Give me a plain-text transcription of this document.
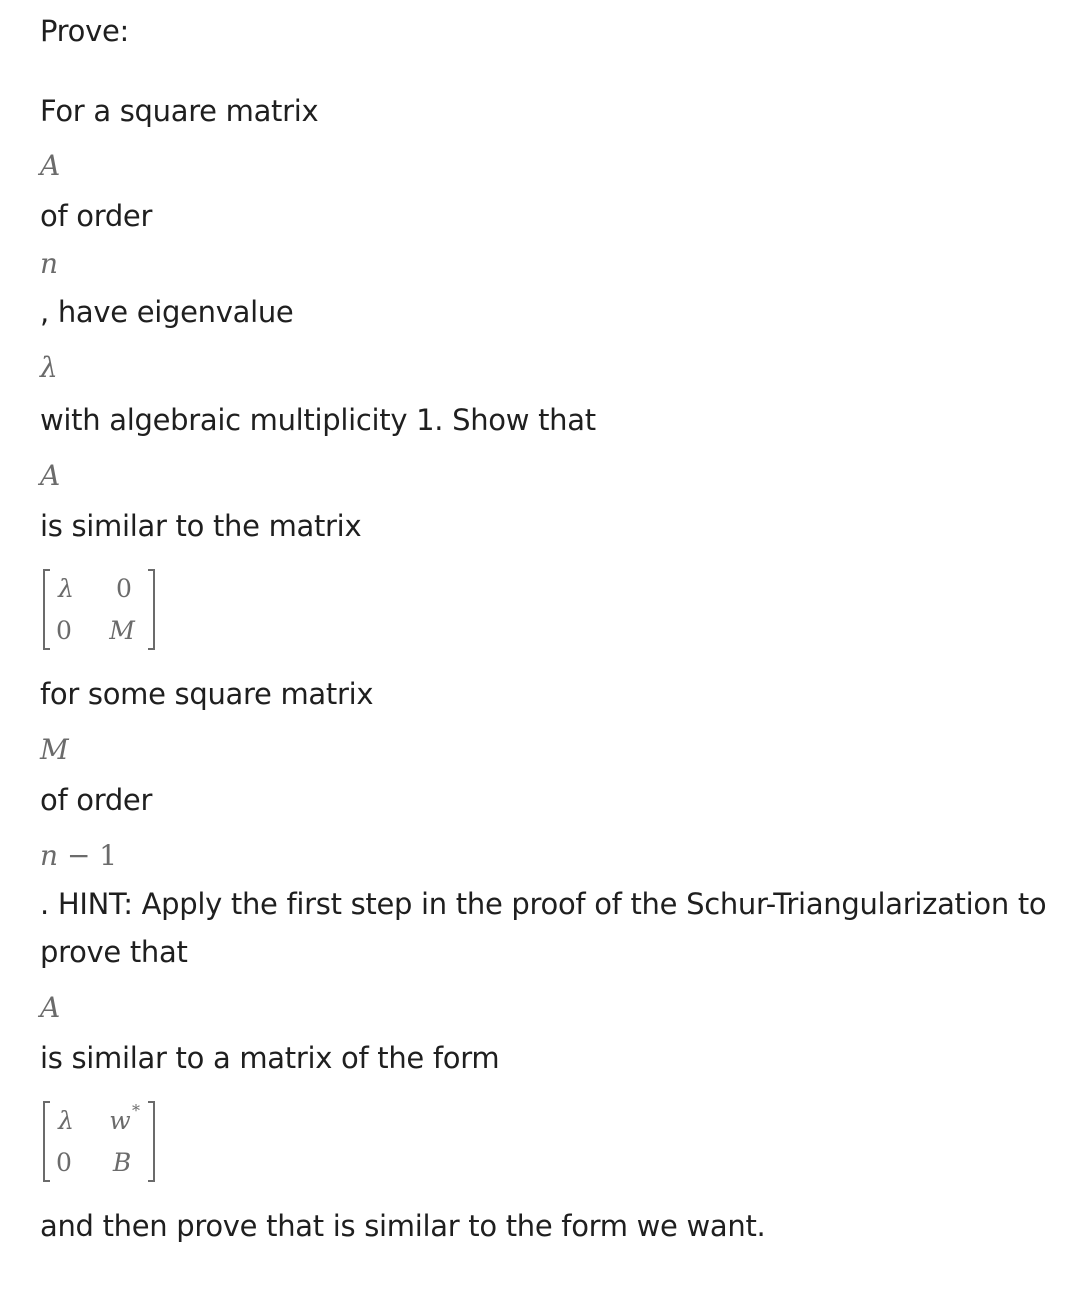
Prove:
For a square matrix
A
of order
n
, have eigenvalue
λ
with algebraic multiplicity 1. Show that
A
is similar to the matrix
λ 0
0 M
for some square matrix
M
of order
n − 1
. HINT: Apply the first step in the proof of the Schur-Triangularization to prove that
A
is similar to a matrix of the form
λ w *
0 B
and then prove that is similar to the form we want.
